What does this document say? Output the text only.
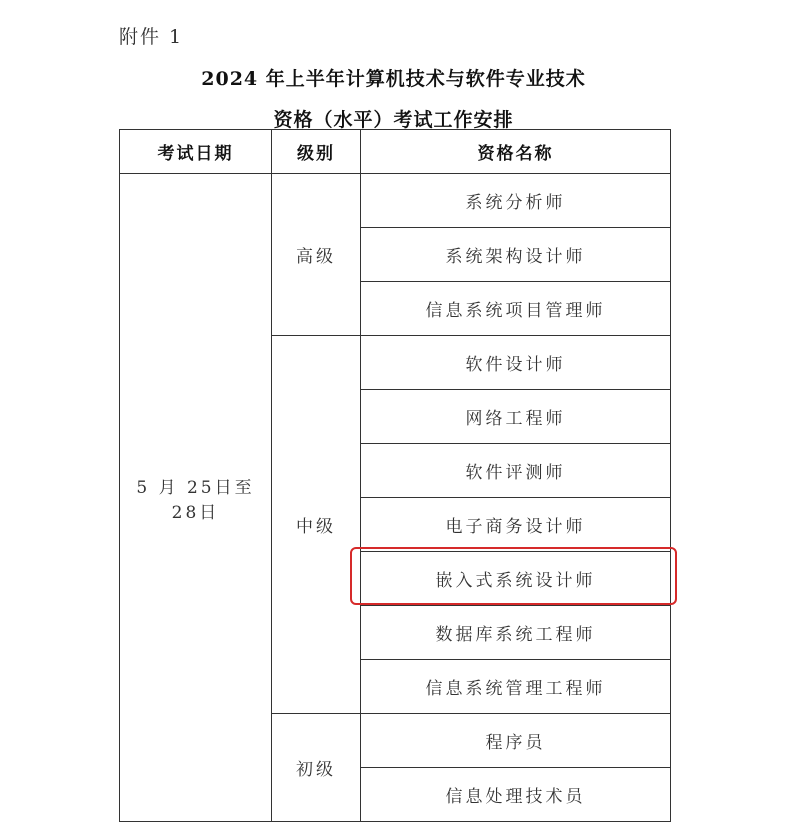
附件 1
2024 年上半年计算机技术与软件专业技术
资格（水平）考试工作安排
考试日期	级别	资格名称
5 月 25日至 28日	高级	系统分析师
		系统架构设计师
		信息系统项目管理师
	中级	软件设计师
		网络工程师
		软件评测师
		电子商务设计师
		嵌入式系统设计师
		数据库系统工程师
		信息系统管理工程师
	初级	程序员
		信息处理技术员
